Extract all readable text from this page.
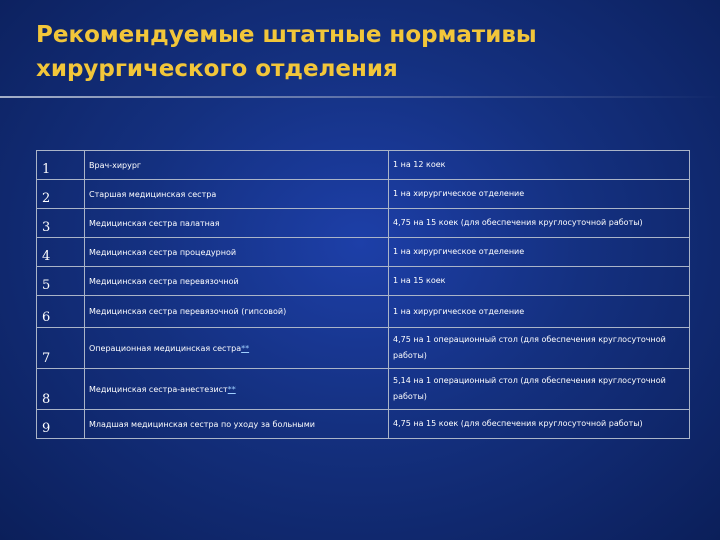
Рекомендуемые штатные нормативы
хирургического отделения
1	Врач-хирург	1 на 12 коек
2	Старшая медицинская сестра	1 на хирургическое отделение
3	Медицинская сестра палатная	4,75 на 15 коек (для обеспечения круглосуточной работы)
4	Медицинская сестра процедурной	1 на хирургическое отделение
5	Медицинская сестра перевязочной	1 на 15 коек
6	Медицинская сестра перевязочной (гипсовой)	1 на хирургическое отделение
7	Операционная медицинская сестра**	4,75 на 1 операционный стол (для обеспечения круглосуточной работы)
8	Медицинская сестра-анестезист**	5,14 на 1 операционный стол (для обеспечения круглосуточной работы)
9	Младшая медицинская сестра по уходу за больными	4,75 на 15 коек (для обеспечения круглосуточной работы)
